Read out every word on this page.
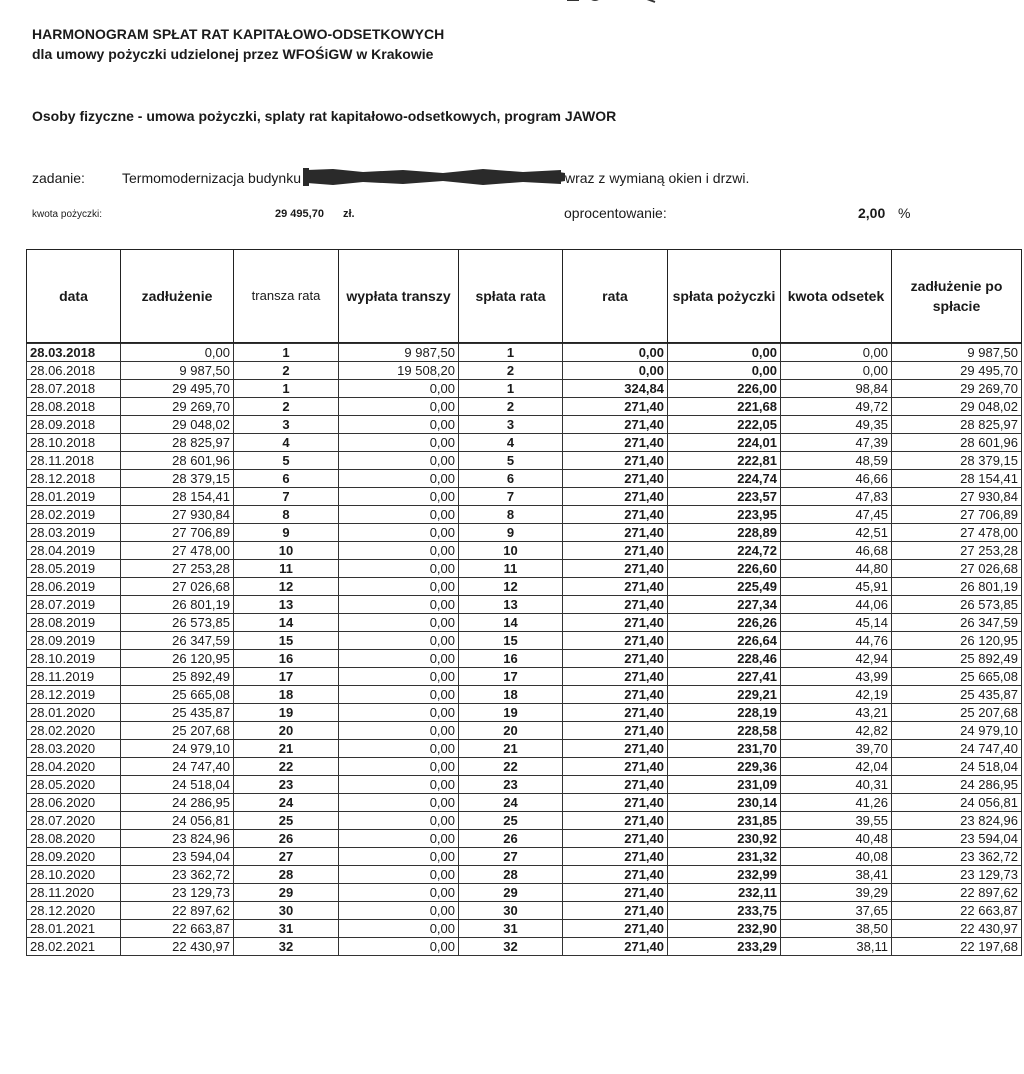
HARMONOGRAM SPŁAT RAT KAPITAŁOWO-ODSETKOWYCH

dla umowy pożyczki udzielonej przez WFOŚiGW w Krakowie

Osoby fizyczne - umowa pożyczki, splaty rat kapitałowo-odsetkowych, program JAWOR

zadanie:	Termomodernizacja budynku	wraz z wymianą okien i drzwi.
kwota pożyczki:	29 495,70 zł.	oprocentowanie:	2,00 %
data	zadłużenie	transza rata	wypłata transzy	spłata rata	rata	spłata pożyczki	kwota odsetek	zadłużenie po spłacie

28.03.2018	0,00	1	9 987,50	1	0,00	0,00	0,00	9 987,50
28.06.2018	9 987,50	2	19 508,20	2	0,00	0,00	0,00	29 495,70
28.07.2018	29 495,70	1	0,00	1	324,84	226,00	98,84	29 269,70
28.08.2018	29 269,70	2	0,00	2	271,40	221,68	49,72	29 048,02
28.09.2018	29 048,02	3	0,00	3	271,40	222,05	49,35	28 825,97
28.10.2018	28 825,97	4	0,00	4	271,40	224,01	47,39	28 601,96
28.11.2018	28 601,96	5	0,00	5	271,40	222,81	48,59	28 379,15
28.12.2018	28 379,15	6	0,00	6	271,40	224,74	46,66	28 154,41
28.01.2019	28 154,41	7	0,00	7	271,40	223,57	47,83	27 930,84
28.02.2019	27 930,84	8	0,00	8	271,40	223,95	47,45	27 706,89
28.03.2019	27 706,89	9	0,00	9	271,40	228,89	42,51	27 478,00
28.04.2019	27 478,00	10	0,00	10	271,40	224,72	46,68	27 253,28
28.05.2019	27 253,28	11	0,00	11	271,40	226,60	44,80	27 026,68
28.06.2019	27 026,68	12	0,00	12	271,40	225,49	45,91	26 801,19
28.07.2019	26 801,19	13	0,00	13	271,40	227,34	44,06	26 573,85
28.08.2019	26 573,85	14	0,00	14	271,40	226,26	45,14	26 347,59
28.09.2019	26 347,59	15	0,00	15	271,40	226,64	44,76	26 120,95
28.10.2019	26 120,95	16	0,00	16	271,40	228,46	42,94	25 892,49
28.11.2019	25 892,49	17	0,00	17	271,40	227,41	43,99	25 665,08
28.12.2019	25 665,08	18	0,00	18	271,40	229,21	42,19	25 435,87
28.01.2020	25 435,87	19	0,00	19	271,40	228,19	43,21	25 207,68
28.02.2020	25 207,68	20	0,00	20	271,40	228,58	42,82	24 979,10
28.03.2020	24 979,10	21	0,00	21	271,40	231,70	39,70	24 747,40
28.04.2020	24 747,40	22	0,00	22	271,40	229,36	42,04	24 518,04
28.05.2020	24 518,04	23	0,00	23	271,40	231,09	40,31	24 286,95
28.06.2020	24 286,95	24	0,00	24	271,40	230,14	41,26	24 056,81
28.07.2020	24 056,81	25	0,00	25	271,40	231,85	39,55	23 824,96
28.08.2020	23 824,96	26	0,00	26	271,40	230,92	40,48	23 594,04
28.09.2020	23 594,04	27	0,00	27	271,40	231,32	40,08	23 362,72
28.10.2020	23 362,72	28	0,00	28	271,40	232,99	38,41	23 129,73
28.11.2020	23 129,73	29	0,00	29	271,40	232,11	39,29	22 897,62
28.12.2020	22 897,62	30	0,00	30	271,40	233,75	37,65	22 663,87
28.01.2021	22 663,87	31	0,00	31	271,40	232,90	38,50	22 430,97
28.02.2021	22 430,97	32	0,00	32	271,40	233,29	38,11	22 197,68
